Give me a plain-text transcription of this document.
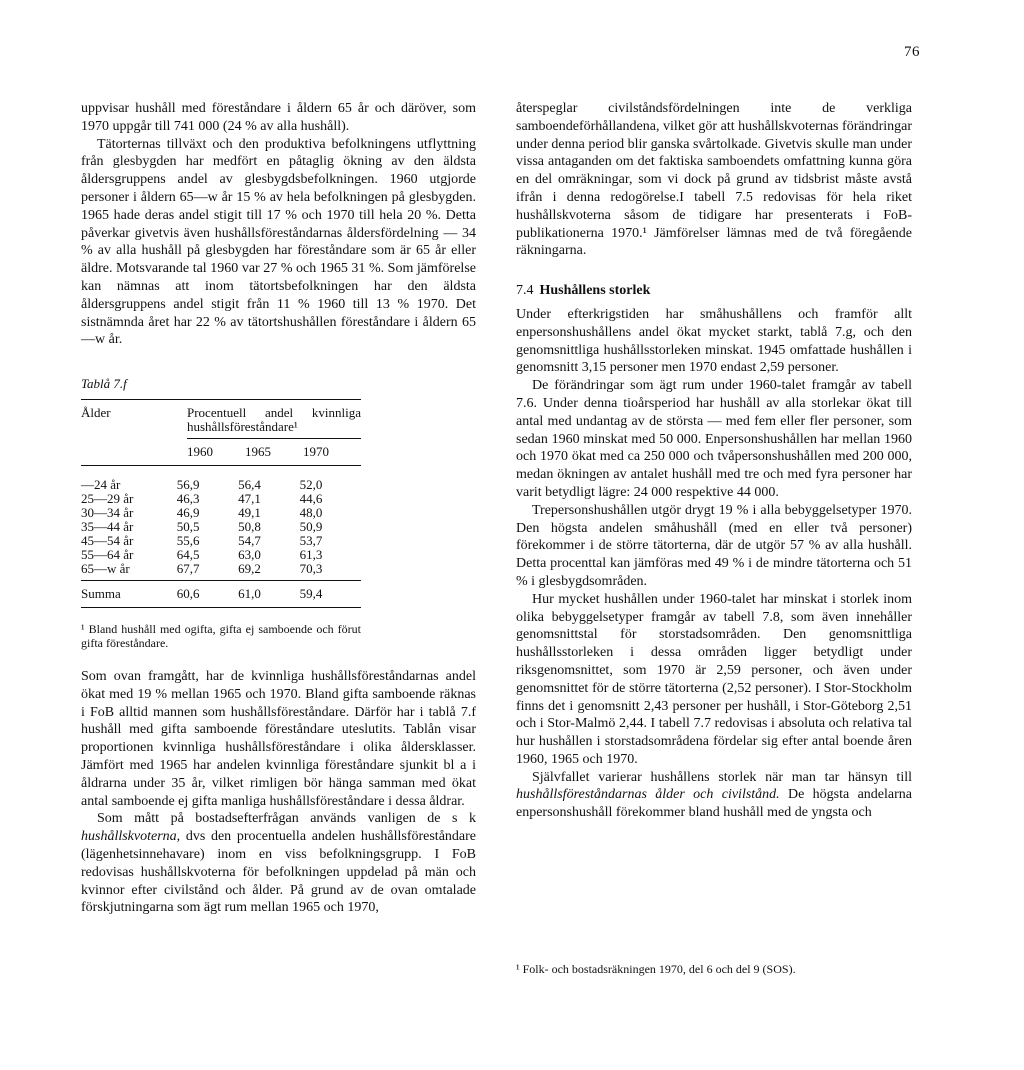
76

uppvisar hushåll med föreståndare i åldern 65 år och däröver, som 1970 uppgår till 741 000 (24 % av alla hushåll).

Tätorternas tillväxt och den produktiva befolkningens utflyttning från glesbygden har medfört en påtaglig ökning av den äldsta åldersgruppens andel av glesbygdsbefolkningen. 1960 utgjorde personer i åldern 65—w år 15 % av hela befolkningen på glesbygden. 1965 hade deras andel stigit till 17 % och 1970 till hela 20 %. Detta påverkar givetvis även hushållsföreståndarnas åldersfördelning — 34 % av alla hushåll på glesbygden har föreståndare som är 65 år eller äldre. Motsvarande tal 1960 var 27 % och 1965 31 %. Som jämförelse kan nämnas att inom tätortsbefolkningen har den äldsta åldersgruppens andel stigit från 11 % 1960 till 13 % 1970. Det sistnämnda året har 22 % av tätortshushållen föreståndare i åldern 65—w år.

Tablå 7.f
Ålder	Procentuell andel kvinnliga hushållsföreståndare¹
1960	1965	1970
—24 år	56,9	56,4	52,0
25—29 år	46,3	47,1	44,6
30—34 år	46,9	49,1	48,0
35—44 år	50,5	50,8	50,9
45—54 år	55,6	54,7	53,7
55—64 år	64,5	63,0	61,3
65—w år	67,7	69,2	70,3
Summa	60,6	61,0	59,4
¹ Bland hushåll med ogifta, gifta ej samboende och förut gifta föreståndare.

Som ovan framgått, har de kvinnliga hushållsföreståndarnas andel ökat med 19 % mellan 1965 och 1970. Bland gifta samboende räknas i FoB alltid mannen som hushållsföreståndare. Därför har i tablå 7.f hushåll med gifta samboende föreståndare uteslutits. Tablån visar proportionen kvinnliga hushållsföreståndare i olika åldersklasser. Jämfört med 1965 har andelen kvinnliga föreståndare sjunkit bl a i åldrarna under 35 år, vilket rimligen bör hänga samman med ökat antal samboende ej gifta manliga hushållsföreståndare i dessa åldrar.

Som mått på bostadsefterfrågan används vanligen de s k hushållskvoterna, dvs den procentuella andelen hushållsföreståndare (lägenhetsinnehavare) inom en viss befolkningsgrupp. I FoB redovisas hushållskvoterna för befolkningen uppdelad på män och kvinnor efter civilstånd och ålder. På grund av de ovan omtalade förskjutningarna som ägt rum mellan 1965 och 1970,

återspeglar civilståndsfördelningen inte de verkliga samboendeförhållandena, vilket gör att hushållskvoternas förändringar under denna period blir ganska svårtolkade. Givetvis skulle man under vissa antaganden om det faktiska samboendets omfattning kunna göra en del omräkningar, som vi dock på grund av tidsbrist måste avstå ifrån i denna redogörelse.I tabell 7.5 redovisas för hela riket hushållskvoterna såsom de tidigare har presenterats i FoB-publikationerna 1970.¹ Jämförelser lämnas med de två föregående räkningarna.

7.4 Hushållens storlek

Under efterkrigstiden har småhushållens och framför allt enpersonshushållens andel ökat mycket starkt, tablå 7.g, och den genomsnittliga hushållsstorleken minskat. 1945 omfattade hushållen i genomsnitt 3,15 personer men 1970 endast 2,59 personer.

De förändringar som ägt rum under 1960-talet framgår av tabell 7.6. Under denna tioårsperiod har hushåll av alla storlekar ökat till antal med undantag av de största — med fem eller fler personer, som sedan 1960 minskat med 50 000. Enpersonshushållen har mellan 1960 och 1970 ökat med ca 250 000 och tvåpersonshushållen med 200 000, medan ökningen av antalet hushåll med tre och med fyra personer har varit betydligt lägre: 24 000 respektive 44 000.

Trepersonshushållen utgör drygt 19 % i alla bebyggelsetyper 1970. Den högsta andelen småhushåll (med en eller två personer) förekommer i de större tätorterna, där de utgör 57 % av alla hushåll. Detta procenttal kan jämföras med 49 % i de mindre tätorterna och 51 % i glesbygdsområden.

Hur mycket hushållen under 1960-talet har minskat i storlek inom olika bebyggelsetyper framgår av tabell 7.8, som även innehåller genomsnittstal för storstadsområden. Den genomsnittliga hushållsstorleken i dessa områden ligger betydligt under riksgenomsnittet, som 1970 är 2,59 personer, och även under genomsnittet för de större tätorterna (2,52 personer). I Stor-Stockholm finns det i genomsnitt 2,43 personer per hushåll, i Stor-Göteborg 2,51 och i Stor-Malmö 2,44. I tabell 7.7 redovisas i absoluta och relativa tal hur hushållen i storstadsområdena fördelar sig efter antal boende åren 1960, 1965 och 1970.

Självfallet varierar hushållens storlek när man tar hänsyn till hushållsföreståndarnas ålder och civilstånd. De högsta andelarna enpersonshushåll förekommer bland hushåll med de yngsta och

¹ Folk- och bostadsräkningen 1970, del 6 och del 9 (SOS).
